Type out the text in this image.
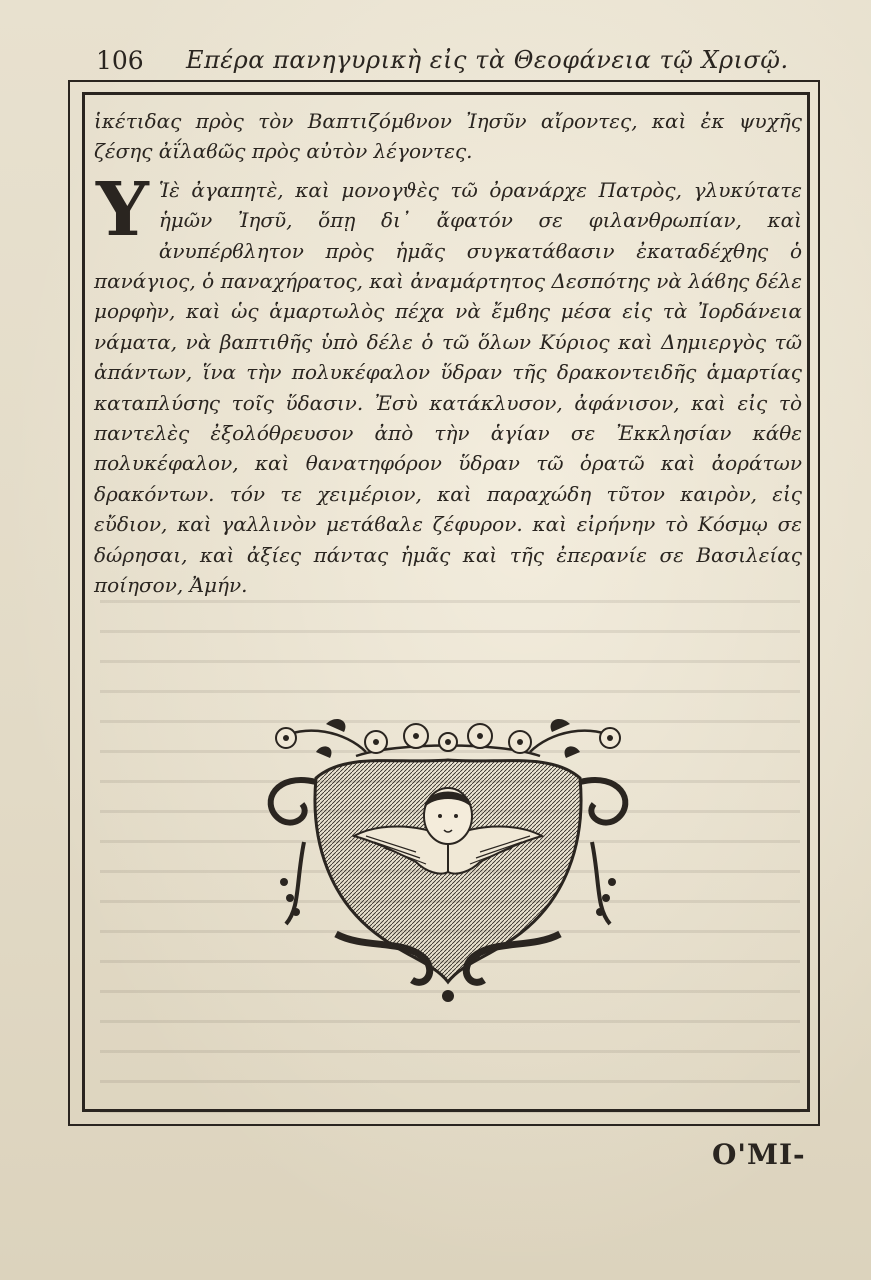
106 Επέρα πανηγυρικὴ εἰς τὰ Θεοφάνεια τῷ Χρισῷ.

ἱκέτιδας πρὸς τὸν Βαπτιζόμϐνον Ἰησῦν αἴροντες, καὶ ἐκ ψυχῆς ζέσης ἀΐλαϐῶς πρὸς αὐτὸν λέγοντες.

Υ Ἱὲ ἀγαπητὲ, καὶ μονογϑὲς τῶ ὀρανάρχε Πατρὸς, γλυκύτατε ἡμῶν Ἰησῦ, ὅπῃ δι᾽ ἄφατόν σε φιλανθρωπίαν, καὶ ἀνυπέρϐλητον πρὸς ἡμᾶς συγκατάϐασιν ἐκαταδέχθης ὁ πανάγιος, ὁ παναχήρατος, καὶ ἀναμάρτητος Δεσπότης νὰ λάϐης δέλε μορφὴν, καὶ ὡς ἁμαρτωλὸς πέχα νὰ ἔμϐης μέσα εἰς τὰ Ἰορδάνεια νάματα, νὰ βαπτιθῆς ὑπὸ δέλε ὁ τῶ ὅλων Κύριος καὶ Δημιεργὸς τῶ ἁπάντων, ἵνα τὴν πολυκέφαλον ὕδραν τῆς δρακοντειδῆς ἁμαρτίας καταπλύσης τοῖς ὕδασιν. Ἐσὺ κατάκλυσον, ἀφάνισον, καὶ εἰς τὸ παντελὲς ἐξολόθρευσον ἀπὸ τὴν ἁγίαν σε Ἐκκλησίαν κάθε πολυκέφαλον, καὶ θανατηφόρον ὕδραν τῶ ὁρατῶ καὶ ἀοράτων δρακόντων. τόν τε χειμέριον, καὶ παραχώδη τῦτον καιρὸν, εἰς εὔδιον, καὶ γαλλινὸν μετάϐαλε ζέφυρον. καὶ εἰρήνην τὸ Κόσμῳ σε δώρησαι, καὶ ἀξίες πάντας ἡμᾶς καὶ τῆς ἐπερανίε σε Βασιλείας ποίησον, Ἀμήν.

Ο'ΜΙ-
